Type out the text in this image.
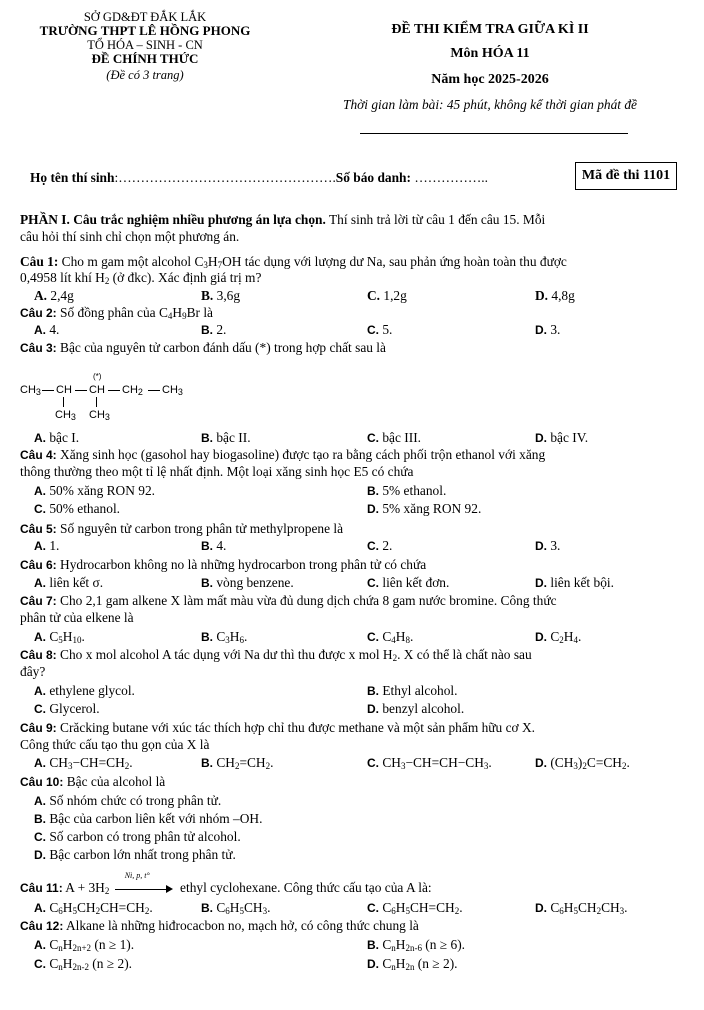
SỞ GD&ĐT ĐẮK LẮK
TRƯỜNG THPT LÊ HỒNG PHONG
TỔ HÓA – SINH - CN
ĐỀ CHÍNH THỨC
(Đề có 3 trang)
ĐỀ THI KIỂM TRA GIỮA KÌ II
Môn HÓA 11
Năm học 2025-2026
Thời gian làm bài: 45 phút, không kể thời gian phát đề
Họ tên thí sinh:………………………………………….Số báo danh: ……………..	Mã đề thi 1101
PHẦN I. Câu trắc nghiệm nhiều phương án lựa chọn. Thí sinh trả lời từ câu 1 đến câu 15. Mỗi
câu hỏi thí sinh chỉ chọn một phương án.
Câu 1: Cho m gam một alcohol $C_3H_7OH$ tác dụng với lượng dư Na, sau phản ứng hoàn toàn thu được
0,4958 lít khí $H_2$ (ở đkc). Xác định giá trị m?
A. 2,4g	B. 3,6g	C. 1,2g	D. 4,8g
Câu 2: Số đồng phân của $C_4H_9Br$ là
A. 4.	B. 2.	C. 5.	D. 3.
Câu 3: Bậc của nguyên tử carbon đánh dấu (*) trong hợp chất sau là
$CH_3$ CH
(*)
CH $CH_2$ $CH_3$
$CH_3$ $CH_3$
A. bậc I.	B. bậc II.	C. bậc III.	D. bậc IV.
Câu 4: Xăng sinh học (gasohol hay biogasoline) được tạo ra bằng cách phối trộn ethanol với xăng
thông thường theo một tỉ lệ nhất định. Một loại xăng sinh học E5 có chứa
A. 50% xăng RON 92.	B. 5% ethanol.
C. 50% ethanol.	D. 5% xăng RON 92.
Câu 5: Số nguyên tử carbon trong phân tử methylpropene là
A. 1.	B. 4.	C. 2.	D. 3.
Câu 6: Hydrocarbon không no là những hydrocarbon trong phân tử có chứa
A. liên kết σ.	B. vòng benzene.	C. liên kết đơn.	D. liên kết bội.
Câu 7: Cho 2,1 gam alkene X làm mất màu vừa đủ dung dịch chứa 8 gam nước bromine. Công thức
phân tử của elkene là
A. $C_5H_{10}$.	B. $C_3H_6$.	C. $C_4H_8$.	D. $C_2H_4$.
Câu 8: Cho x mol alcohol A tác dụng với Na dư thì thu được x mol $H_2$. X có thể là chất nào sau
đây?
A. ethylene glycol.	B. Ethyl alcohol.
C. Glycerol.	D. benzyl alcohol.
Câu 9: Crăcking butane với xúc tác thích hợp chỉ thu được methane và một sản phẩm hữu cơ X.
Công thức cấu tạo thu gọn của X là
A. $CH_3-CH=CH_2$.	B. $CH_2=CH_2$.	C. $CH_3-CH=CH-CH_3$.	D. $(CH_3)_2C=CH_2$.
Câu 10: Bậc của alcohol là
A. Số nhóm chức có trong phân tử.
B. Bậc của carbon liên kết với nhóm –OH.
C. Số carbon có trong phân tử alcohol.
D. Bậc carbon lớn nhất trong phân tử.
Câu 11: $A + 3H_2$
Ni, p, t°
ethyl cyclohexane. Công thức cấu tạo của A là:
A. $C_6H_5CH_2CH=CH_2$.	B. $C_6H_5CH_3$.	C. $C_6H_5CH=CH_2$.	D. $C_6H_5CH_2CH_3$.
Câu 12: Alkane là những hiđrocacbon no, mạch hở, có công thức chung là
A. $C_nH_{2n+2}$ (n ≥ 1).	B. $C_nH_{2n-6}$ (n ≥ 6).
C. $C_nH_{2n-2}$ (n ≥ 2).	D. $C_nH_{2n}$ (n ≥ 2).
